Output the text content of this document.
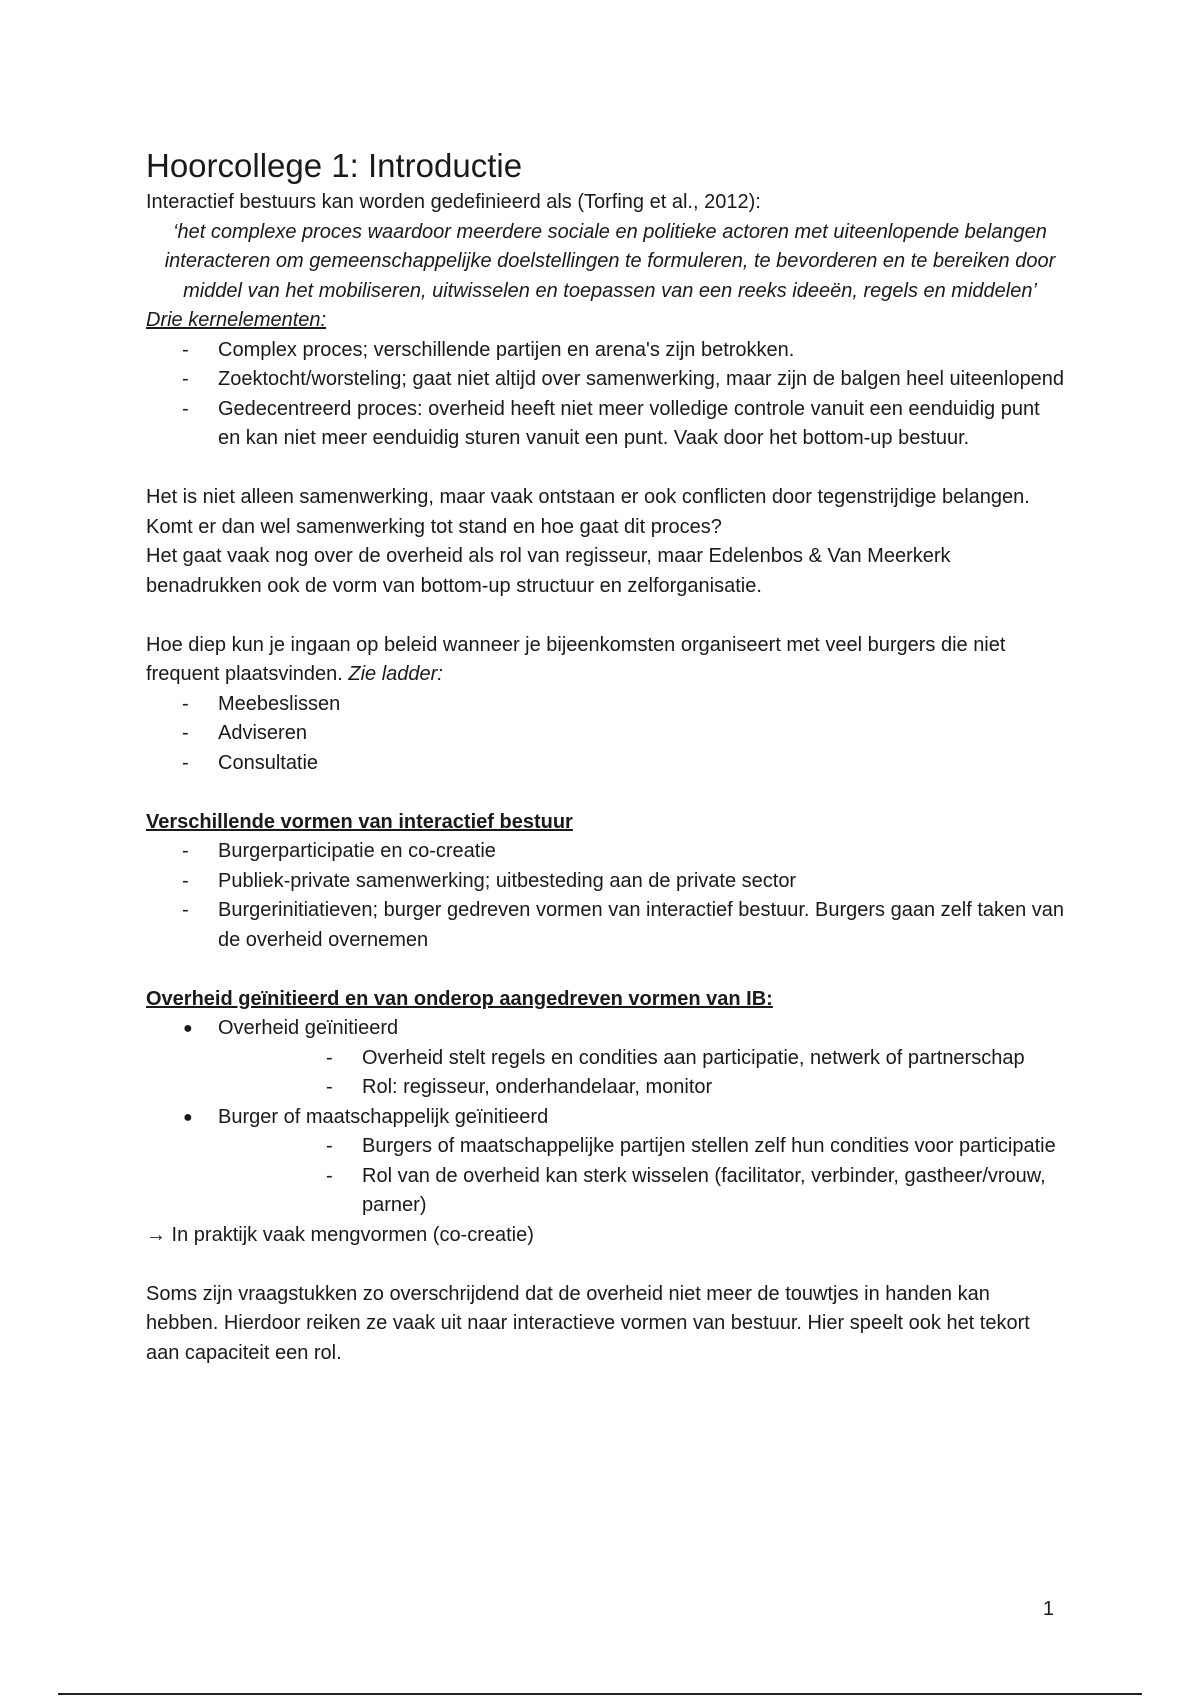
Hoorcollege 1: Introductie

Interactief bestuurs kan worden gedefinieerd als (Torfing et al., 2012):

‘het complexe proces waardoor meerdere sociale en politieke actoren met uiteenlopende belangen interacteren om gemeenschappelijke doelstellingen te formuleren, te bevorderen en te bereiken door middel van het mobiliseren, uitwisselen en toepassen van een reeks ideeën, regels en middelen’

Drie kernelementen:

- Complex proces; verschillende partijen en arena's zijn betrokken.
- Zoektocht/worsteling; gaat niet altijd over samenwerking, maar zijn de balgen heel uiteenlopend
- Gedecentreerd proces: overheid heeft niet meer volledige controle vanuit een eenduidig punt en kan niet meer eenduidig sturen vanuit een punt. Vaak door het bottom-up bestuur.

Het is niet alleen samenwerking, maar vaak ontstaan er ook conflicten door tegenstrijdige belangen. Komt er dan wel samenwerking tot stand en hoe gaat dit proces?

Het gaat vaak nog over de overheid als rol van regisseur, maar Edelenbos & Van Meerkerk benadrukken ook de vorm van bottom-up structuur en zelforganisatie.

Hoe diep kun je ingaan op beleid wanneer je bijeenkomsten organiseert met veel burgers die niet frequent plaatsvinden. Zie ladder:

- Meebeslissen
- Adviseren
- Consultatie

Verschillende vormen van interactief bestuur

- Burgerparticipatie en co-creatie
- Publiek-private samenwerking; uitbesteding aan de private sector
- Burgerinitiatieven; burger gedreven vormen van interactief bestuur. Burgers gaan zelf taken van de overheid overnemen

Overheid geïnitieerd en van onderop aangedreven vormen van IB:

● Overheid geïnitieerd
- Overheid stelt regels en condities aan participatie, netwerk of partnerschap
- Rol: regisseur, onderhandelaar, monitor
● Burger of maatschappelijk geïnitieerd
- Burgers of maatschappelijke partijen stellen zelf hun condities voor participatie
- Rol van de overheid kan sterk wisselen (facilitator, verbinder, gastheer/vrouw, parner)

→ In praktijk vaak mengvormen (co-creatie)

Soms zijn vraagstukken zo overschrijdend dat de overheid niet meer de touwtjes in handen kan hebben. Hierdoor reiken ze vaak uit naar interactieve vormen van bestuur. Hier speelt ook het tekort aan capaciteit een rol.

1
